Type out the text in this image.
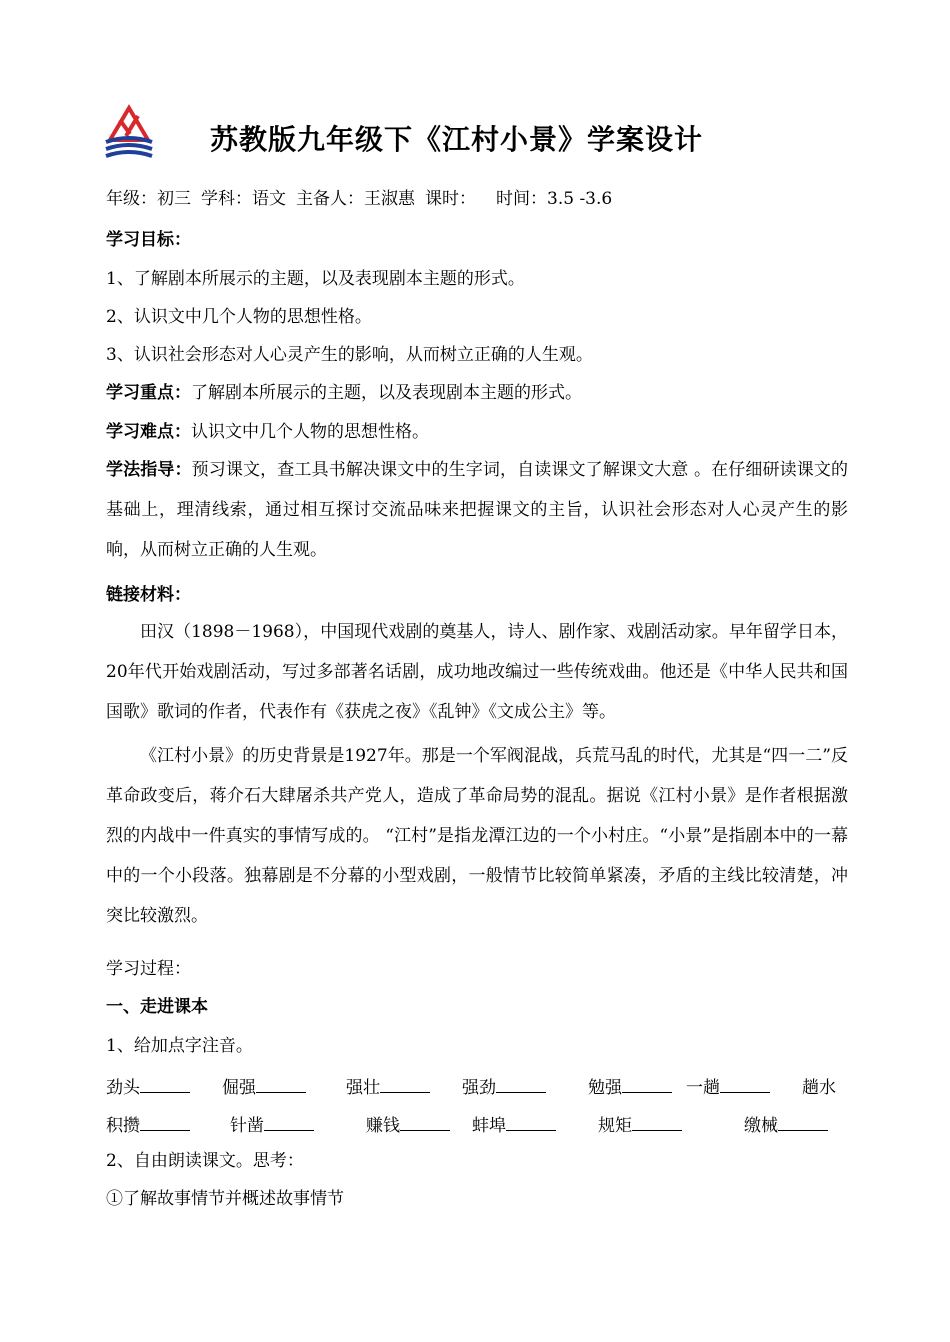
苏教版九年级下《江村小景》学案设计
年级：初三 学科：语文 主备人：王淑惠 课时： 时间：3.5 -3.6
学习目标：
1、了解剧本所展示的主题，以及表现剧本主题的形式。
2、认识文中几个人物的思想性格。
3、认识社会形态对人心灵产生的影响，从而树立正确的人生观。
学习重点：了解剧本所展示的主题，以及表现剧本主题的形式。
学习难点：认识文中几个人物的思想性格。
学法指导：预习课文，查工具书解决课文中的生字词，自读课文了解课文大意 。在仔细研读课文的基础上，理清线索，通过相互探讨交流品味来把握课文的主旨，认识社会形态对人心灵产生的影响，从而树立正确的人生观。
链接材料：
田汉（1898－1968），中国现代戏剧的奠基人，诗人、剧作家、戏剧活动家。早年留学日本，20年代开始戏剧活动，写过多部著名话剧，成功地改编过一些传统戏曲。他还是《中华人民共和国国歌》歌词的作者，代表作有《获虎之夜》《乱钟》《文成公主》等。
《江村小景》的历史背景是1927年。那是一个军阀混战，兵荒马乱的时代，尤其是“四一二”反革命政变后，蒋介石大肆屠杀共产党人，造成了革命局势的混乱。据说《江村小景》是作者根据激烈的内战中一件真实的事情写成的。 “江村”是指龙潭江边的一个小村庄。“小景”是指剧本中的一幕中的一个小段落。独幕剧是不分幕的小型戏剧，一般情节比较简单紧凑，矛盾的主线比较清楚，冲突比较激烈。
学习过程：
一、走进课本
1、给加点字注音。
劲头	倔强	强壮	强劲	勉强	一趟	趟水
积攒	针凿	赚钱	蚌埠	规矩	缴械
2、自由朗读课文。思考：
①了解故事情节并概述故事情节
